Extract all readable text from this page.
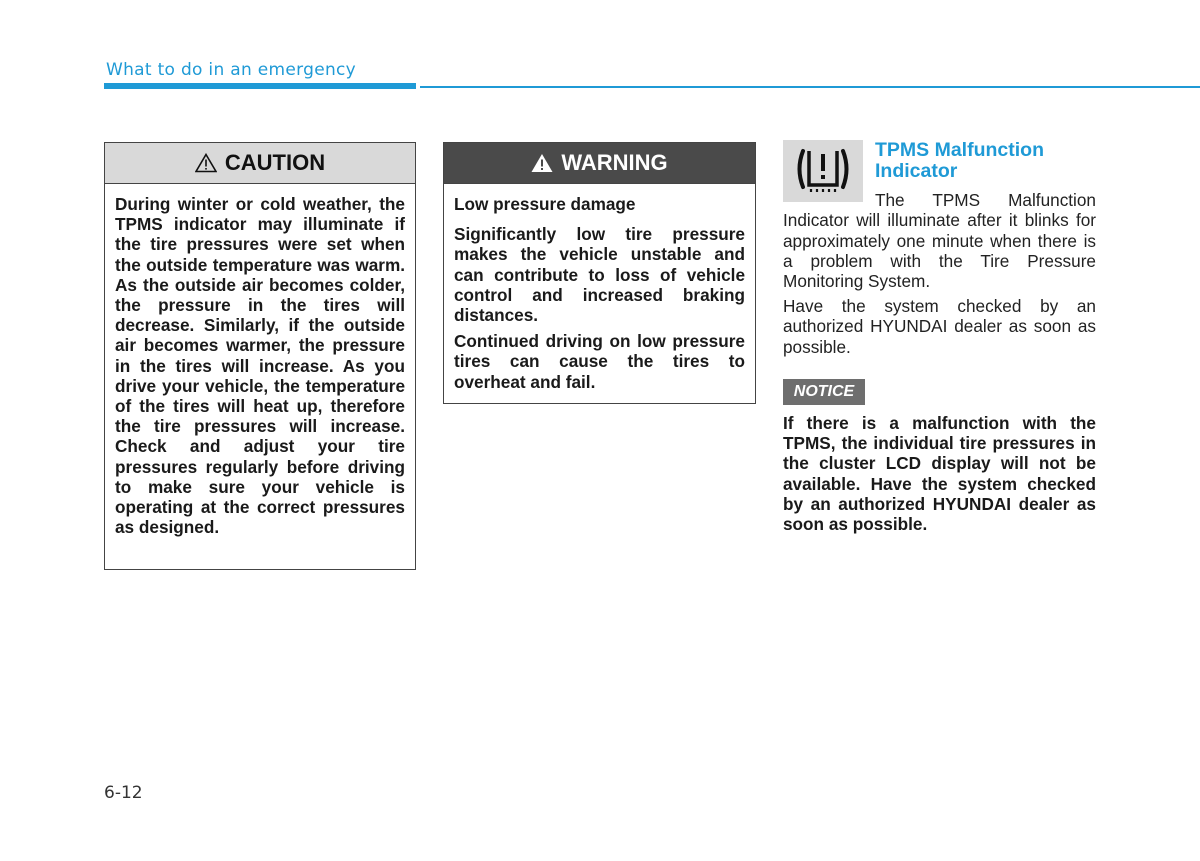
What to do in an emergency
CAUTION

During winter or cold weather, the TPMS indicator may illuminate if the tire pressures were set when the outside temperature was warm. As the outside air becomes colder, the pressure in the tires will decrease. Similarly, if the outside air becomes warmer, the pressure in the tires will increase. As you drive your vehicle, the temperature of the tires will heat up, therefore the tire pressures will increase. Check and adjust your tire pressures regularly before driving to make sure your vehicle is operating at the correct pressures as designed.

WARNING

Low pressure damage

Significantly low tire pressure makes the vehicle unstable and can contribute to loss of vehicle control and increased braking distances.

Continued driving on low pressure tires can cause the tires to overheat and fail.

TPMS Malfunction Indicator

The TPMS Malfunction Indicator will illuminate after it blinks for approximately one minute when there is a problem with the Tire Pressure Monitoring System.

Have the system checked by an authorized HYUNDAI dealer as soon as possible.

NOTICE

If there is a malfunction with the TPMS, the individual tire pressures in the cluster LCD display will not be available. Have the system checked by an authorized HYUNDAI dealer as soon as possible.

6-12
